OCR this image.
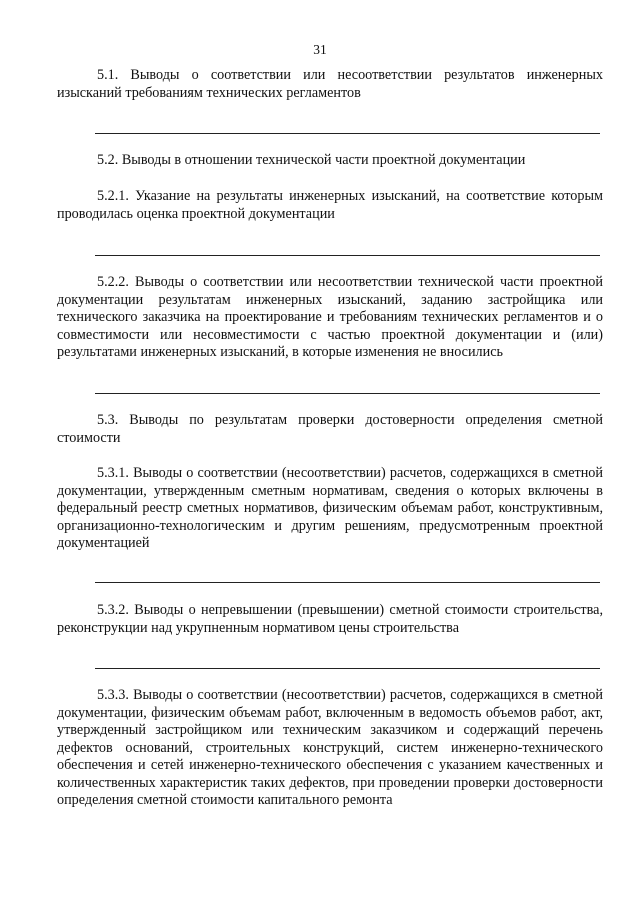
31
5.1. Выводы о соответствии или несоответствии результатов инженерных изысканий требованиям технических регламентов
5.2. Выводы в отношении технической части проектной документации
5.2.1. Указание на результаты инженерных изысканий, на соответствие которым проводилась оценка проектной документации
5.2.2. Выводы о соответствии или несоответствии технической части проектной документации результатам инженерных изысканий, заданию застройщика или технического заказчика на проектирование и требованиям технических регламентов и о совместимости или несовместимости с частью проектной документации и (или) результатами инженерных изысканий, в которые изменения не вносились
5.3. Выводы по результатам проверки достоверности определения сметной стоимости
5.3.1. Выводы о соответствии (несоответствии) расчетов, содержащихся в сметной документации, утвержденным сметным нормативам, сведения о которых включены в федеральный реестр сметных нормативов, физическим объемам работ, конструктивным, организационно-технологическим и другим решениям, предусмотренным проектной документацией
5.3.2. Выводы о непревышении (превышении) сметной стоимости строительства, реконструкции над укрупненным нормативом цены строительства
5.3.3. Выводы о соответствии (несоответствии) расчетов, содержащихся в сметной документации, физическим объемам работ, включенным в ведомость объемов работ, акт, утвержденный застройщиком или техническим заказчиком и содержащий перечень дефектов оснований, строительных конструкций, систем инженерно-технического обеспечения и сетей инженерно-технического обеспечения с указанием качественных и количественных характеристик таких дефектов, при проведении проверки достоверности определения сметной стоимости капитального ремонта
